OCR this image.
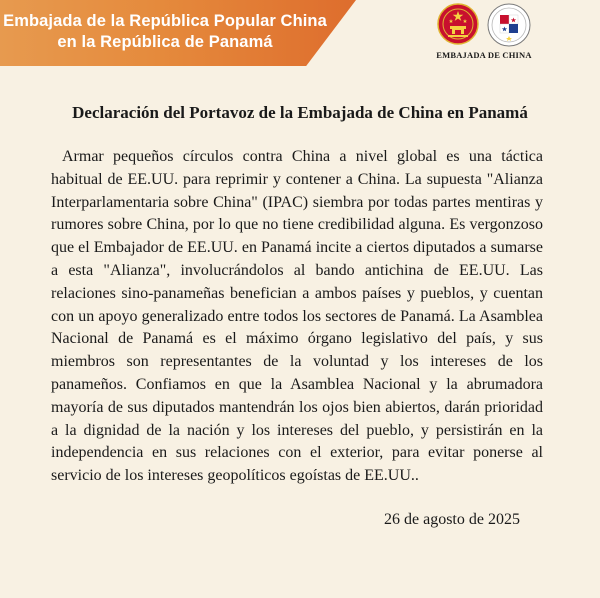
Embajada de la República Popular China
en la República de Panamá
EMBAJADA DE CHINA
Declaración del Portavoz de la Embajada de China en Panamá

Armar pequeños círculos contra China a nivel global es una táctica habitual de EE.UU. para reprimir y contener a China. La supuesta "Alianza Interparlamentaria sobre China" (IPAC) siembra por todas partes mentiras y rumores sobre China, por lo que no tiene credibilidad alguna. Es vergonzoso que el Embajador de EE.UU. en Panamá incite a ciertos diputados a sumarse a esta "Alianza", involucrándolos al bando antichina de EE.UU. Las relaciones sino-panameñas benefician a ambos países y pueblos, y cuentan con un apoyo generalizado entre todos los sectores de Panamá. La Asamblea Nacional de Panamá es el máximo órgano legislativo del país, y sus miembros son representantes de la voluntad y los intereses de los panameños. Confiamos en que la Asamblea Nacional y la abrumadora mayoría de sus diputados mantendrán los ojos bien abiertos, darán prioridad a la dignidad de la nación y los intereses del pueblo, y persistirán en la independencia en sus relaciones con el exterior, para evitar ponerse al servicio de los intereses geopolíticos egoístas de EE.UU..

26 de agosto de 2025
